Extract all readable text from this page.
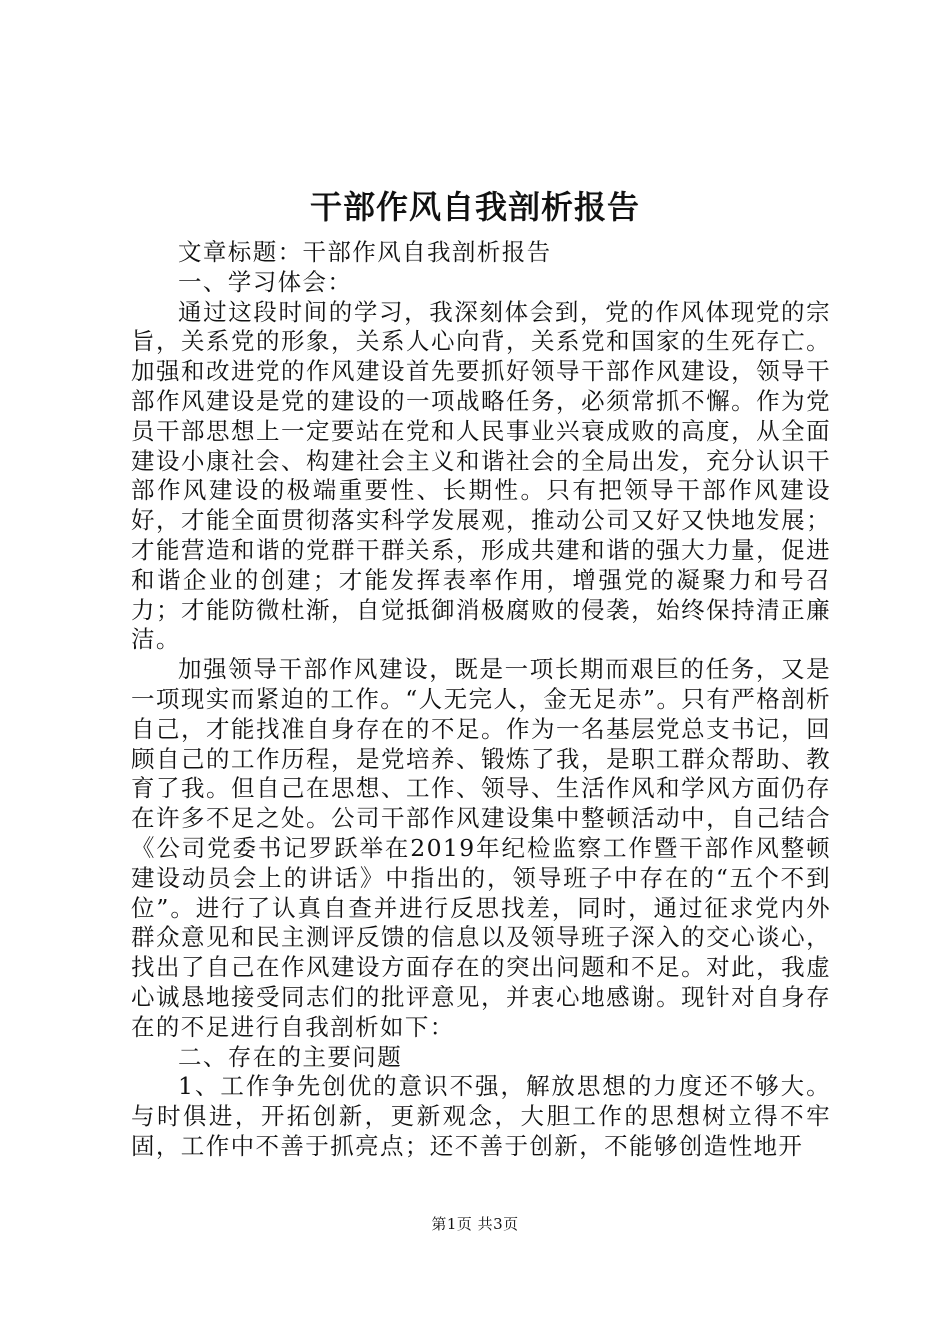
干部作风自我剖析报告

文章标题：干部作风自我剖析报告

一、学习体会：

通过这段时间的学习，我深刻体会到，党的作风体现党的宗旨，关系党的形象，关系人心向背，关系党和国家的生死存亡。加强和改进党的作风建设首先要抓好领导干部作风建设，领导干部作风建设是党的建设的一项战略任务，必须常抓不懈。作为党员干部思想上一定要站在党和人民事业兴衰成败的高度，从全面建设小康社会、构建社会主义和谐社会的全局出发，充分认识干部作风建设的极端重要性、长期性。只有把领导干部作风建设好，才能全面贯彻落实科学发展观，推动公司又好又快地发展；才能营造和谐的党群干群关系，形成共建和谐的强大力量，促进和谐企业的创建；才能发挥表率作用，增强党的凝聚力和号召力；才能防微杜渐，自觉抵御消极腐败的侵袭，始终保持清正廉洁。

加强领导干部作风建设，既是一项长期而艰巨的任务，又是一项现实而紧迫的工作。“人无完人，金无足赤”。只有严格剖析自己，才能找准自身存在的不足。作为一名基层党总支书记，回顾自己的工作历程，是党培养、锻炼了我，是职工群众帮助、教育了我。但自己在思想、工作、领导、生活作风和学风方面仍存在许多不足之处。公司干部作风建设集中整顿活动中，自己结合《公司党委书记罗跃举在2019年纪检监察工作暨干部作风整顿建设动员会上的讲话》中指出的，领导班子中存在的“五个不到位”。进行了认真自查并进行反思找差，同时，通过征求党内外群众意见和民主测评反馈的信息以及领导班子深入的交心谈心，找出了自己在作风建设方面存在的突出问题和不足。对此，我虚心诚恳地接受同志们的批评意见，并衷心地感谢。现针对自身存在的不足进行自我剖析如下：

二、存在的主要问题

1、工作争先创优的意识不强，解放思想的力度还不够大。与时俱进，开拓创新，更新观念，大胆工作的思想树立得不牢固，工作中不善于抓亮点；还不善于创新，不能够创造性地开

第1页 共3页
